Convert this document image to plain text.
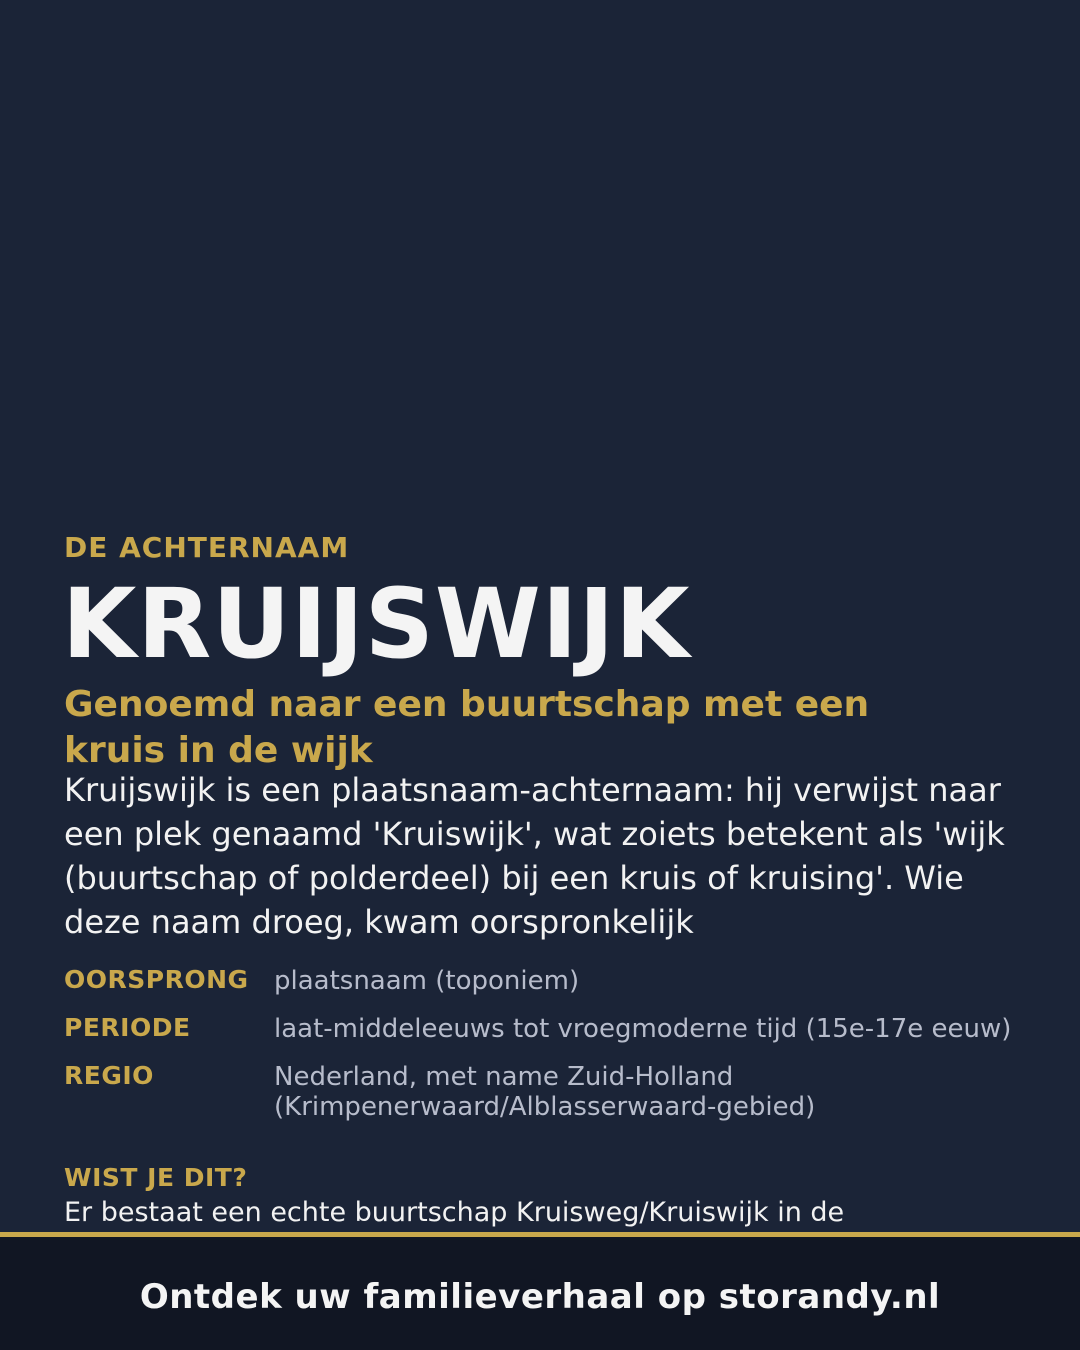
DE ACHTERNAAM
KRUIJSWIJK
Genoemd naar een buurtschap met een kruis in de wijk
Kruijswijk is een plaatsnaam-achternaam: hij verwijst naar een plek genaamd 'Kruiswijk', wat zoiets betekent als 'wijk (buurtschap of polderdeel) bij een kruis of kruising'. Wie deze naam droeg, kwam oorspronkelijk
OORSPRONG plaatsnaam (toponiem)
PERIODE	laat-middeleeuws tot vroegmoderne tijd (15e-17e eeuw)
REGIO	Nederland, met name Zuid-Holland (Krimpenerwaard/Alblasserwaard-gebied)
WIST JE DIT?
Er bestaat een echte buurtschap Kruisweg/Kruiswijk in de
Ontdek uw familieverhaal op storandy.nl
